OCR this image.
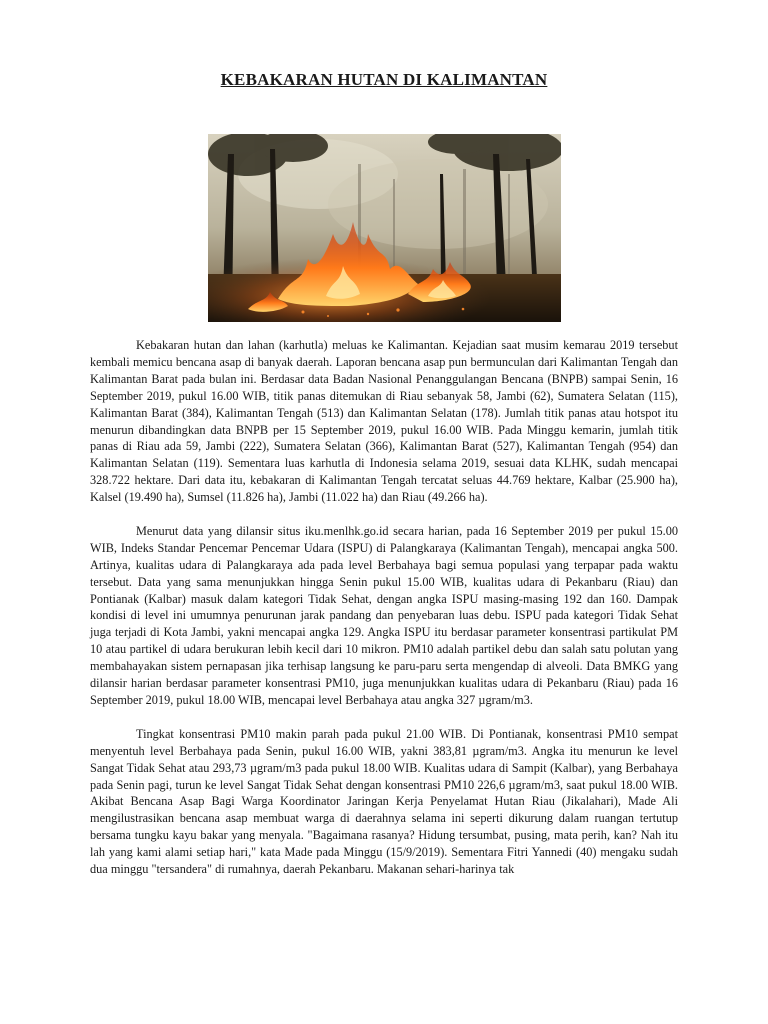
KEBAKARAN HUTAN DI KALIMANTAN

Kebakaran hutan dan lahan (karhutla) meluas ke Kalimantan. Kejadian saat musim kemarau 2019 tersebut kembali memicu bencana asap di banyak daerah. Laporan bencana asap pun bermunculan dari Kalimantan Tengah dan Kalimantan Barat pada bulan ini. Berdasar data Badan Nasional Penanggulangan Bencana (BNPB) sampai Senin, 16 September 2019, pukul 16.00 WIB, titik panas ditemukan di Riau sebanyak 58, Jambi (62), Sumatera Selatan (115), Kalimantan Barat (384), Kalimantan Tengah (513) dan Kalimantan Selatan (178). Jumlah titik panas atau hotspot itu menurun dibandingkan data BNPB per 15 September 2019, pukul 16.00 WIB. Pada Minggu kemarin, jumlah titik panas di Riau ada 59, Jambi (222), Sumatera Selatan (366), Kalimantan Barat (527), Kalimantan Tengah (954) dan Kalimantan Selatan (119). Sementara luas karhutla di Indonesia selama 2019, sesuai data KLHK, sudah mencapai 328.722 hektare. Dari data itu, kebakaran di Kalimantan Tengah tercatat seluas 44.769 hektare, Kalbar (25.900 ha), Kalsel (19.490 ha), Sumsel (11.826 ha), Jambi (11.022 ha) dan Riau (49.266 ha).

Menurut data yang dilansir situs iku.menlhk.go.id secara harian, pada 16 September 2019 per pukul 15.00 WIB, Indeks Standar Pencemar Pencemar Udara (ISPU) di Palangkaraya (Kalimantan Tengah), mencapai angka 500. Artinya, kualitas udara di Palangkaraya ada pada level Berbahaya bagi semua populasi yang terpapar pada waktu tersebut. Data yang sama menunjukkan hingga Senin pukul 15.00 WIB, kualitas udara di Pekanbaru (Riau) dan Pontianak (Kalbar) masuk dalam kategori Tidak Sehat, dengan angka ISPU masing-masing 192 dan 160. Dampak kondisi di level ini umumnya penurunan jarak pandang dan penyebaran luas debu. ISPU pada kategori Tidak Sehat juga terjadi di Kota Jambi, yakni mencapai angka 129. Angka ISPU itu berdasar parameter konsentrasi partikulat PM 10 atau partikel di udara berukuran lebih kecil dari 10 mikron. PM10 adalah partikel debu dan salah satu polutan yang membahayakan sistem pernapasan jika terhisap langsung ke paru-paru serta mengendap di alveoli. Data BMKG yang dilansir harian berdasar parameter konsentrasi PM10, juga menunjukkan kualitas udara di Pekanbaru (Riau) pada 16 September 2019, pukul 18.00 WIB, mencapai level Berbahaya atau angka 327 µgram/m3.

Tingkat konsentrasi PM10 makin parah pada pukul 21.00 WIB. Di Pontianak, konsentrasi PM10 sempat menyentuh level Berbahaya pada Senin, pukul 16.00 WIB, yakni 383,81 µgram/m3. Angka itu menurun ke level Sangat Tidak Sehat atau 293,73 µgram/m3 pada pukul 18.00 WIB. Kualitas udara di Sampit (Kalbar), yang Berbahaya pada Senin pagi, turun ke level Sangat Tidak Sehat dengan konsentrasi PM10 226,6 µgram/m3, saat pukul 18.00 WIB. Akibat Bencana Asap Bagi Warga Koordinator Jaringan Kerja Penyelamat Hutan Riau (Jikalahari), Made Ali mengilustrasikan bencana asap membuat warga di daerahnya selama ini seperti dikurung dalam ruangan tertutup bersama tungku kayu bakar yang menyala. "Bagaimana rasanya? Hidung tersumbat, pusing, mata perih, kan? Nah itu lah yang kami alami setiap hari," kata Made pada Minggu (15/9/2019). Sementara Fitri Yannedi (40) mengaku sudah dua minggu "tersandera" di rumahnya, daerah Pekanbaru. Makanan sehari-harinya tak
